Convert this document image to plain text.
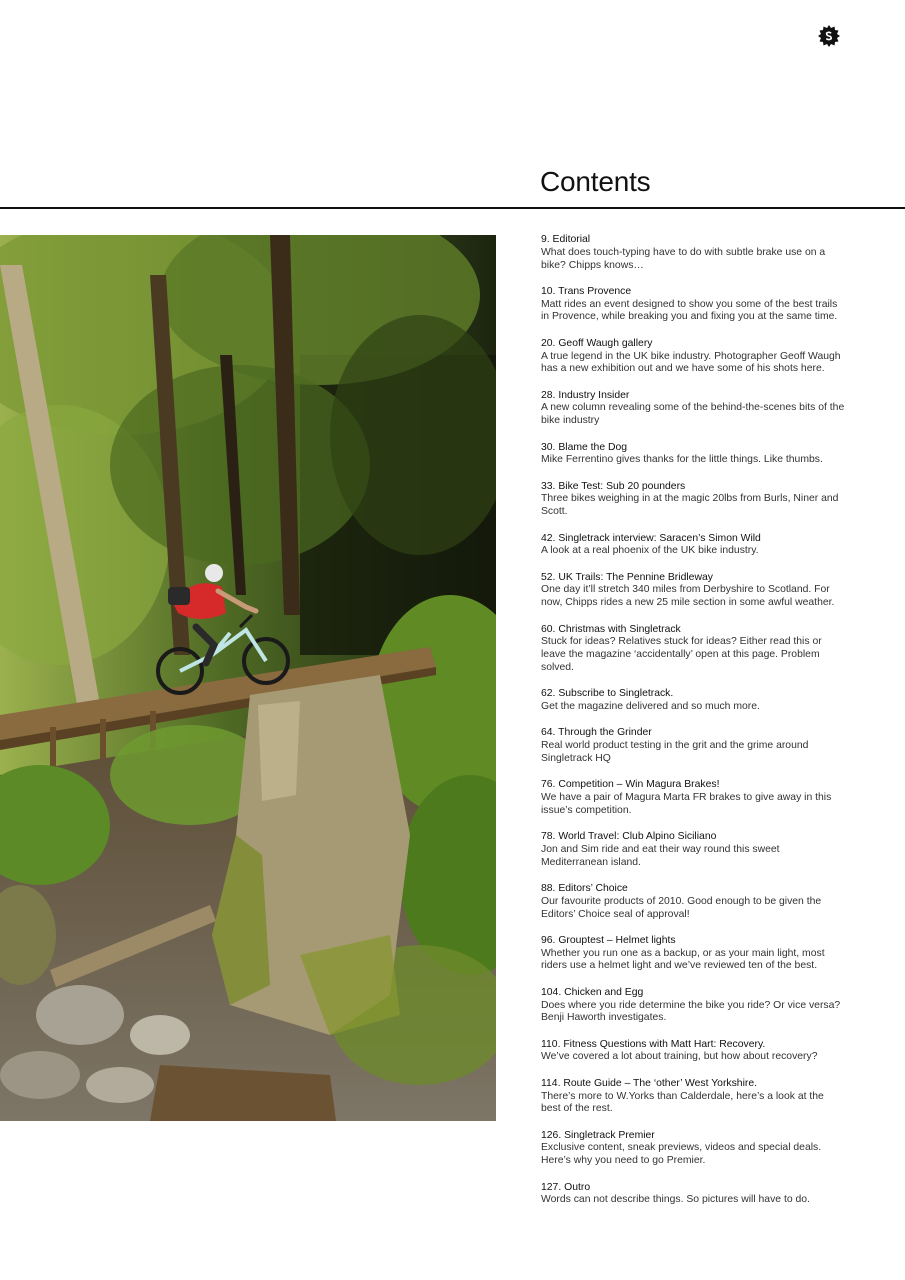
Contents
9. Editorial
What does touch-typing have to do with subtle brake use on a bike? Chipps knows…
10. Trans Provence
Matt rides an event designed to show you some of the best trails in Provence, while breaking you and fixing you at the same time.
20. Geoff Waugh gallery
A true legend in the UK bike industry. Photographer Geoff Waugh has a new exhibition out and we have some of his shots here.
28. Industry Insider
A new column revealing some of the behind-the-scenes bits of the bike industry
30. Blame the Dog
Mike Ferrentino gives thanks for the little things. Like thumbs.
33. Bike Test: Sub 20 pounders
Three bikes weighing in at the magic 20lbs from Burls, Niner and Scott.
42. Singletrack interview: Saracen’s Simon Wild
A look at a real phoenix of the UK bike industry.
52. UK Trails: The Pennine Bridleway
One day it’ll stretch 340 miles from Derbyshire to Scotland. For now, Chipps rides a new 25 mile section in some awful weather.
60. Christmas with Singletrack
Stuck for ideas? Relatives stuck for ideas? Either read this or leave the magazine ‘accidentally’ open at this page. Problem solved.
62. Subscribe to Singletrack.
Get the magazine delivered and so much more.
64. Through the Grinder
Real world product testing in the grit and the grime around Singletrack HQ
76. Competition – Win Magura Brakes!
We have a pair of Magura Marta FR brakes to give away in this issue’s competition.
78. World Travel: Club Alpino Siciliano
Jon and Sim ride and eat their way round this sweet Mediterranean island.
88. Editors’ Choice
Our favourite products of 2010. Good enough to be given the Editors’ Choice seal of approval!
96. Grouptest – Helmet lights
Whether you run one as a backup, or as your main light, most riders use a helmet light and we’ve reviewed ten of the best.
104. Chicken and Egg
Does where you ride determine the bike you ride? Or vice versa? Benji Haworth investigates.
110. Fitness Questions with Matt Hart: Recovery.
We’ve covered a lot about training, but how about recovery?
114. Route Guide – The ‘other’ West Yorkshire.
There’s more to W.Yorks than Calderdale, here’s a look at the best of the rest.
126. Singletrack Premier
Exclusive content, sneak previews, videos and special deals. Here’s why you need to go Premier.
127. Outro
Words can not describe things. So pictures will have to do.
